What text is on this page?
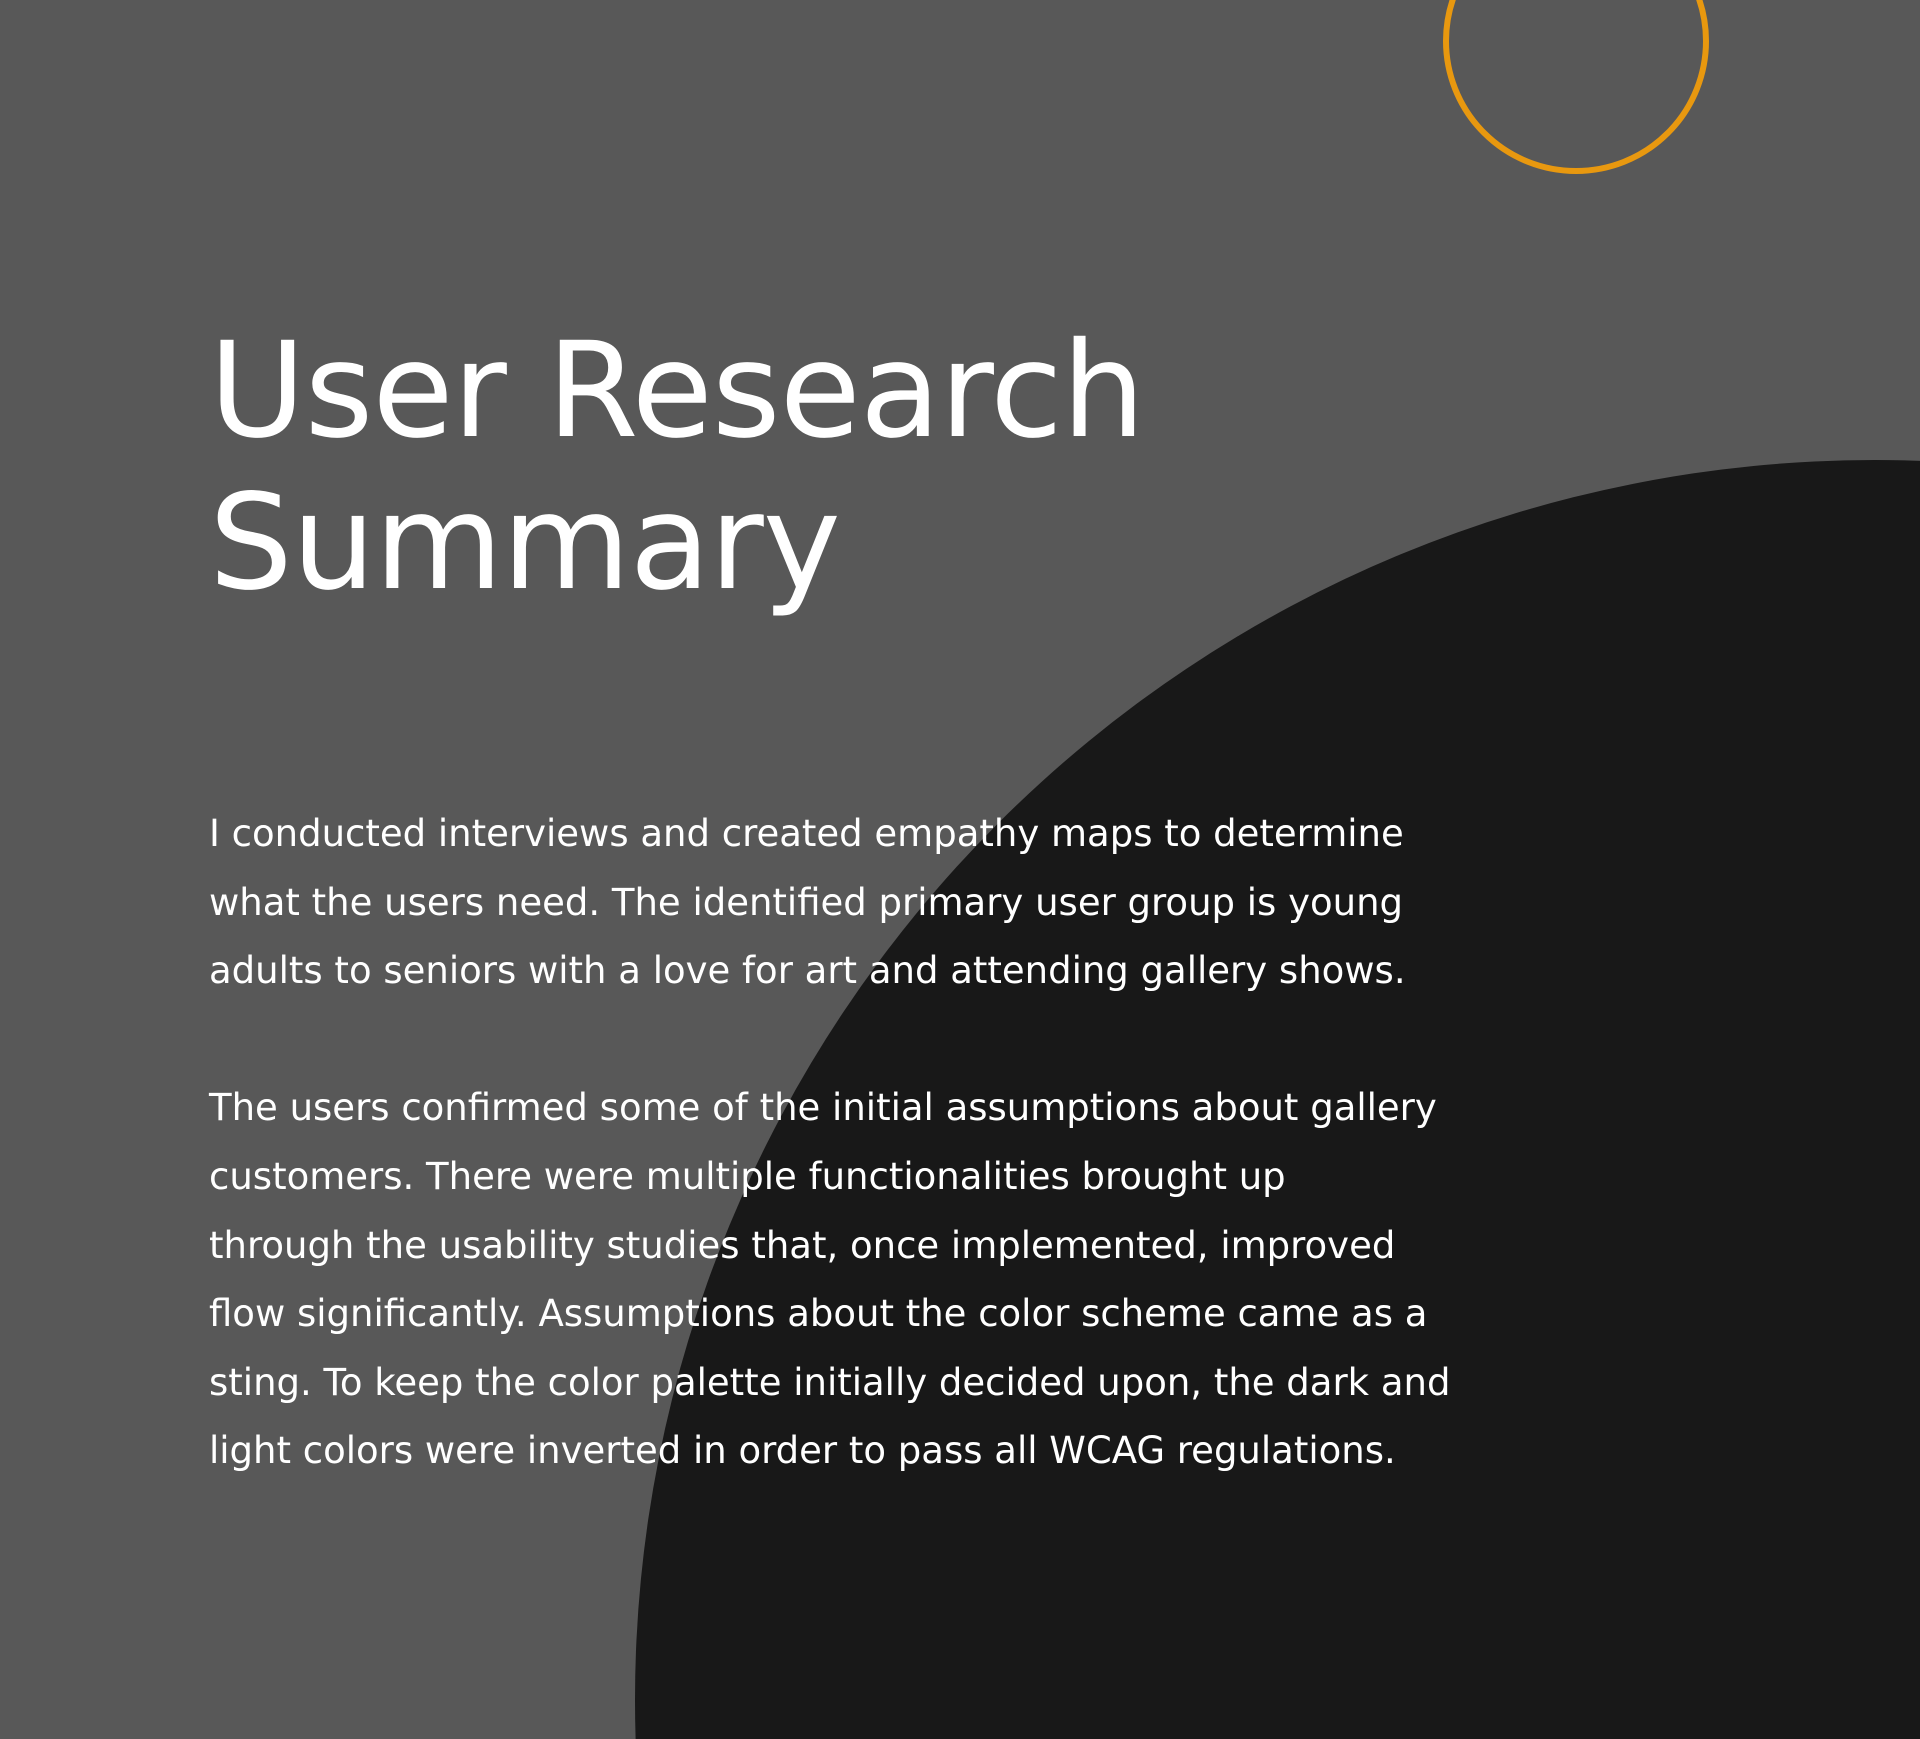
User Research
Summary

I conducted interviews and created empathy maps to determine
what the users need. The identified primary user group is young
adults to seniors with a love for art and attending gallery shows.

The users confirmed some of the initial assumptions about gallery
customers. There were multiple functionalities brought up
through the usability studies that, once implemented, improved
flow significantly. Assumptions about the color scheme came as a
sting. To keep the color palette initially decided upon, the dark and
light colors were inverted in order to pass all WCAG regulations.
